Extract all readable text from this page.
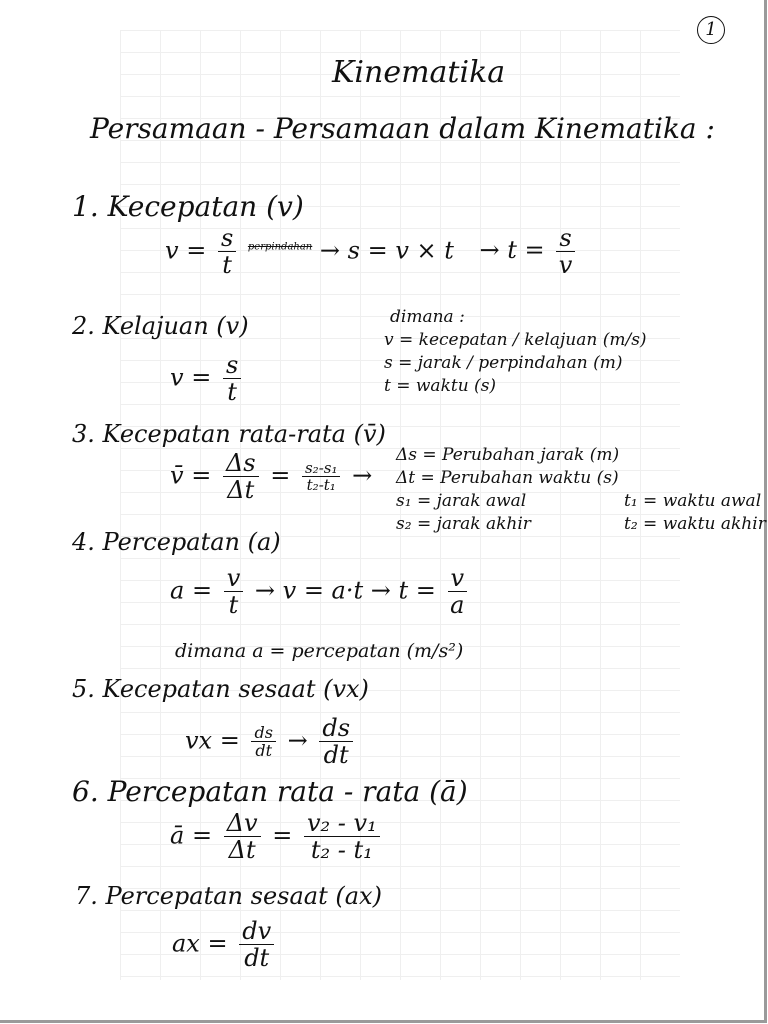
1
Kinematika
Persamaan - Persamaan dalam Kinematika :
1. Kecepatan (v)
$v = \frac{s}{t} ^{perpindahan} \to s = v \times t \to t = \frac{s}{v}$
2. Kelajuan (v)
$v = \frac{s}{t}$
dimana :
v = kecepatan / kelajuan (m/s)
s = jarak / perpindahan (m)
t = waktu (s)
3. Kecepatan rata-rata (v̄)
v̄ = $\frac{\Delta s}{\Delta t} = \frac{\text{s₂-s₁}}{\text{t₂-t₁}}$ →
Δs = Perubahan jarak (m)
Δt = Perubahan waktu (s)
s₁ = jarak awal	t₁ = waktu awal
s₂ = jarak akhir	t₂ = waktu akhir
4. Percepatan (a)
$a = \frac{v}{t} \to v = a\cdot t \to t = \frac{v}{a}$
dimana a = percepatan (m/s²)
5. Kecepatan sesaat (vx)
vx = $\frac{ds}{dt} \to \frac{ds}{dt}$
6. Percepatan rata - rata (ā)
ā = $\frac{\Delta v}{\Delta t} = \frac{\text{v₂ - v₁}}{\text{t₂ - t₁}}$
7. Percepatan sesaat (ax)
ax = $\frac{dv}{dt}$
